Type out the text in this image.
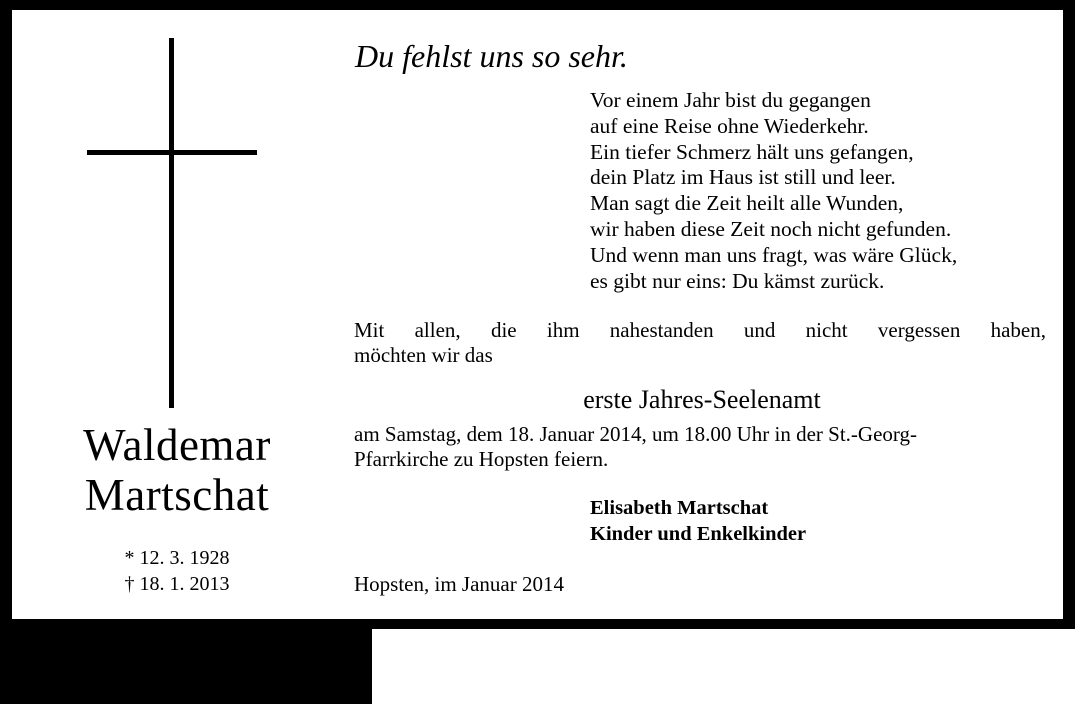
Waldemar
Martschat
* 12. 3. 1928
† 18. 1. 2013
Du fehlst uns so sehr.
Vor einem Jahr bist du gegangen
auf eine Reise ohne Wiederkehr.
Ein tiefer Schmerz hält uns gefangen,
dein Platz im Haus ist still und leer.
Man sagt die Zeit heilt alle Wunden,
wir haben diese Zeit noch nicht gefunden.
Und wenn man uns fragt, was wäre Glück,
es gibt nur eins: Du kämst zurück.
Mit allen, die ihm nahestanden und nicht vergessen haben,
möchten wir das
erste Jahres-Seelenamt
am Samstag, dem 18. Januar 2014, um 18.00 Uhr in der St.-Georg-
Pfarrkirche zu Hopsten feiern.
Elisabeth Martschat
Kinder und Enkelkinder
Hopsten, im Januar 2014
